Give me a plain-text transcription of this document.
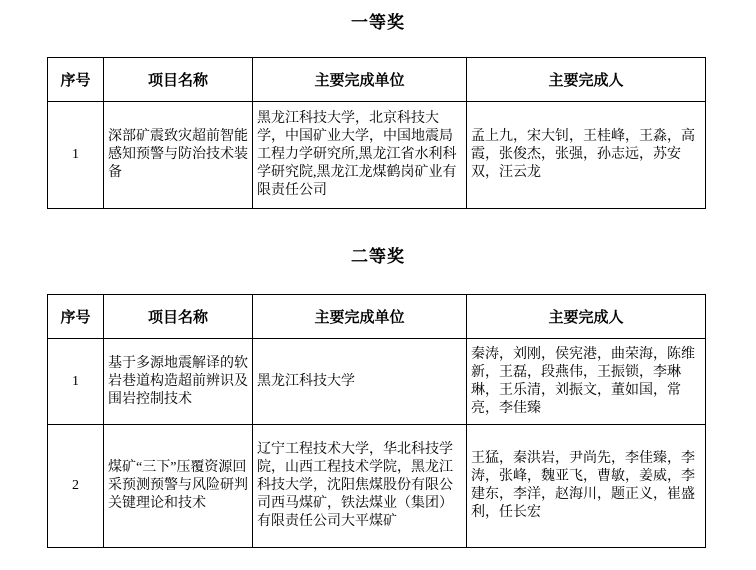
一等奖
序号	项目名称	主要完成单位	主要完成人
1	深部矿震致灾超前智能感知预警与防治技术装备	黑龙江科技大学，北京科技大学，中国矿业大学，中国地震局工程力学研究所,黑龙江省水利科学研究院,黑龙江龙煤鹤岗矿业有限责任公司	孟上九，宋大钊，王桂峰，王淼，高霞，张俊杰，张强，孙志远，苏安双，汪云龙
二等奖
序号	项目名称	主要完成单位	主要完成人
1	基于多源地震解译的软岩巷道构造超前辨识及围岩控制技术	黑龙江科技大学	秦涛，刘刚，侯宪港，曲荣海，陈维新，王磊，段燕伟，王振锁，李琳琳，王乐清，刘振文，董如国，常亮，李佳臻
2	煤矿“三下”压覆资源回采预测预警与风险研判关键理论和技术	辽宁工程技术大学，华北科技学院，山西工程技术学院，黑龙江科技大学，沈阳焦煤股份有限公司西马煤矿，铁法煤业（集团）有限责任公司大平煤矿	王猛，秦洪岩，尹尚先，李佳臻，李涛，张峰，魏亚飞，曹敏，姜威，李建东，李洋，赵海川，题正义，崔盛利，任长宏
